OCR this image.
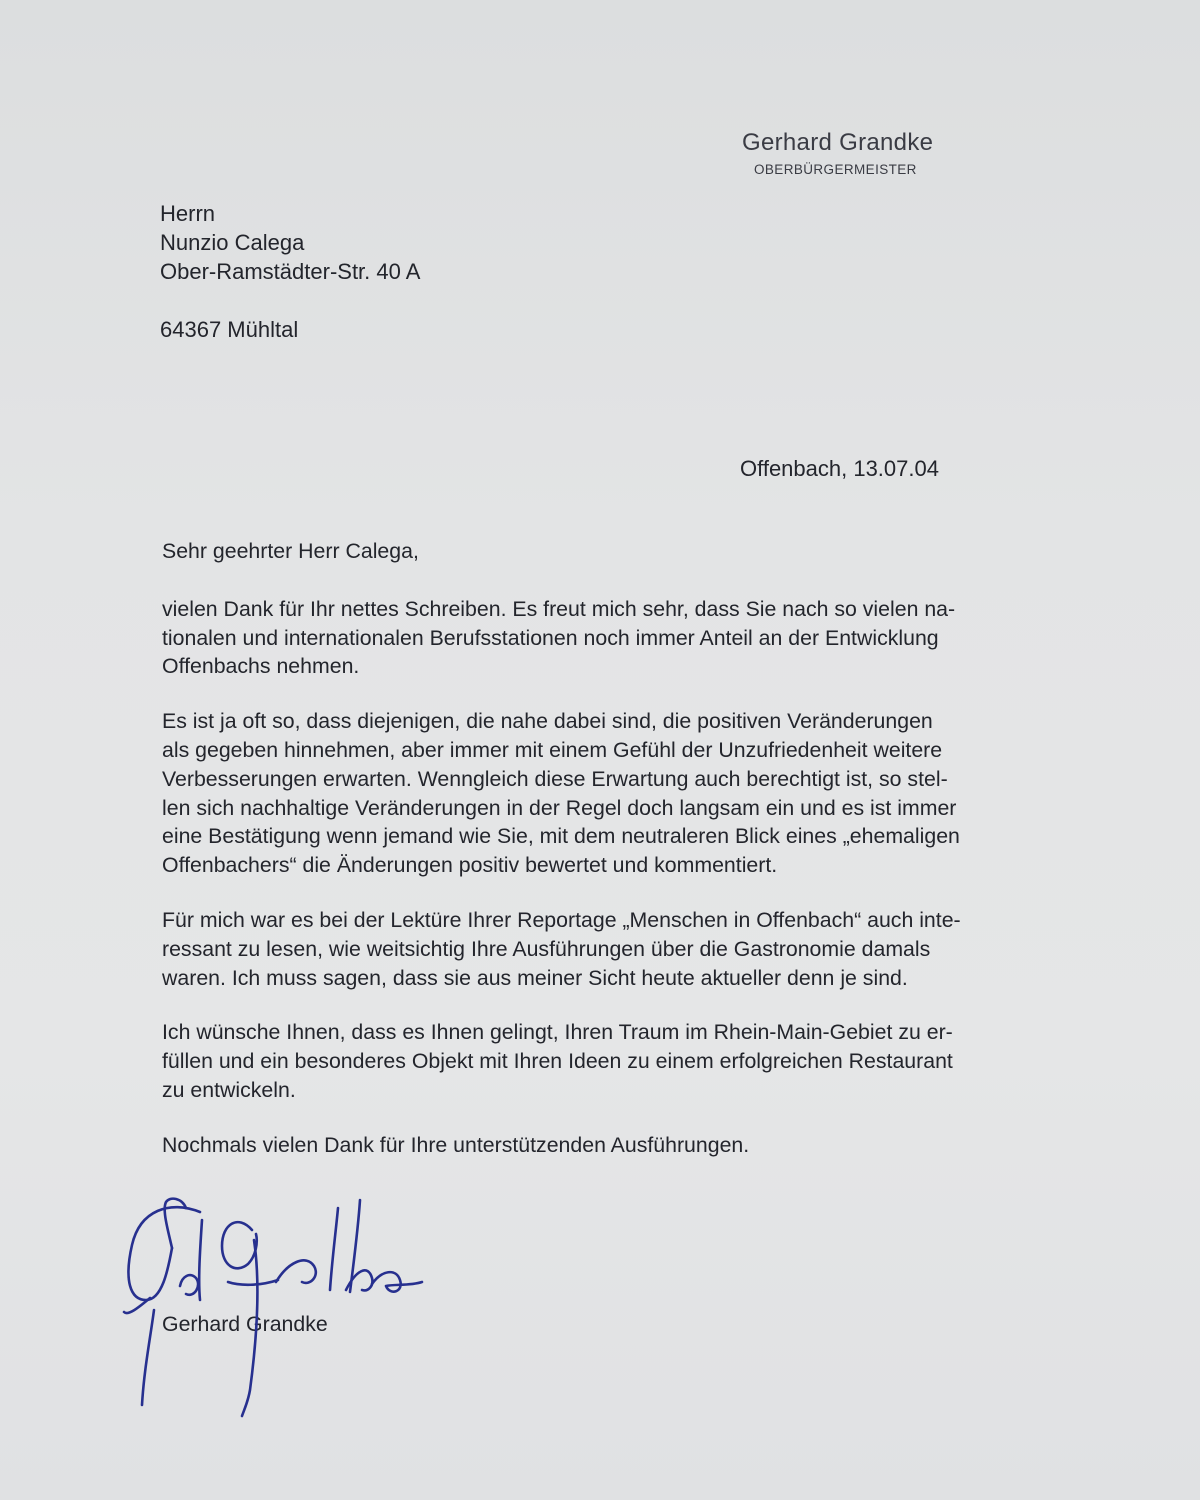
Gerhard Grandke
OBERBÜRGERMEISTER
Herrn
Nunzio Calega
Ober-Ramstädter-Str. 40 A
64367 Mühltal
Offenbach, 13.07.04

Sehr geehrter Herr Calega,

vielen Dank für Ihr nettes Schreiben. Es freut mich sehr, dass Sie nach so vielen na-
tionalen und internationalen Berufsstationen noch immer Anteil an der Entwicklung
Offenbachs nehmen.

Es ist ja oft so, dass diejenigen, die nahe dabei sind, die positiven Veränderungen
als gegeben hinnehmen, aber immer mit einem Gefühl der Unzufriedenheit weitere
Verbesserungen erwarten. Wenngleich diese Erwartung auch berechtigt ist, so stel-
len sich nachhaltige Veränderungen in der Regel doch langsam ein und es ist immer
eine Bestätigung wenn jemand wie Sie, mit dem neutraleren Blick eines „ehemaligen
Offenbachers“ die Änderungen positiv bewertet und kommentiert.

Für mich war es bei der Lektüre Ihrer Reportage „Menschen in Offenbach“ auch inte-
ressant zu lesen, wie weitsichtig Ihre Ausführungen über die Gastronomie damals
waren. Ich muss sagen, dass sie aus meiner Sicht heute aktueller denn je sind.

Ich wünsche Ihnen, dass es Ihnen gelingt, Ihren Traum im Rhein-Main-Gebiet zu er-
füllen und ein besonderes Objekt mit Ihren Ideen zu einem erfolgreichen Restaurant
zu entwickeln.

Nochmals vielen Dank für Ihre unterstützenden Ausführungen.

Gerhard Grandke
